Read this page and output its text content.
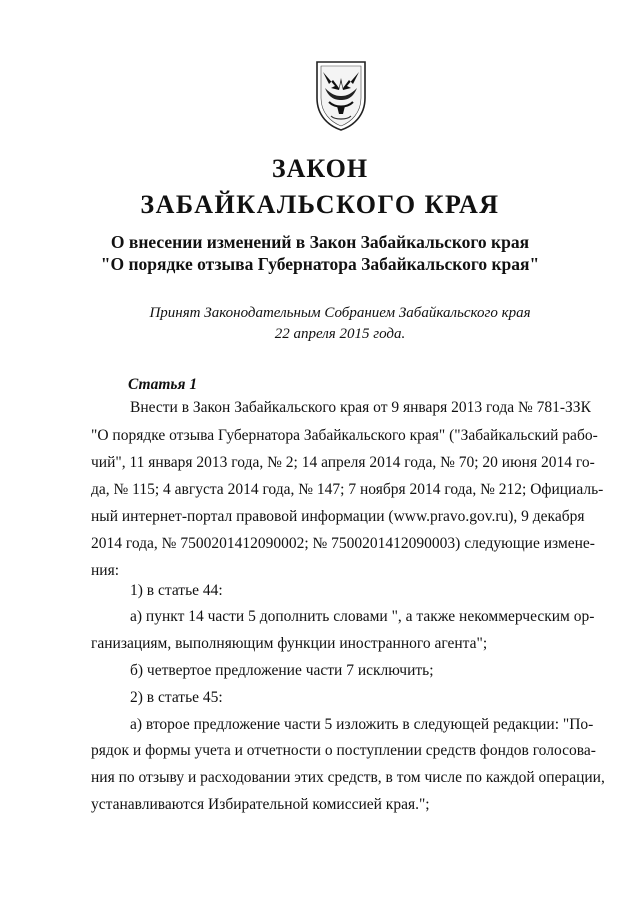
ЗАКОН
ЗАБАЙКАЛЬСКОГО КРАЯ
О внесении изменений в Закон Забайкальского края
"О порядке отзыва Губернатора Забайкальского края"
Принят Законодательным Собранием Забайкальского края
22 апреля 2015 года.
Статья 1
Внести в Закон Забайкальского края от 9 января 2013 года № 781-ЗЗК
"О порядке отзыва Губернатора Забайкальского края" ("Забайкальский рабо-
чий", 11 января 2013 года, № 2; 14 апреля 2014 года, № 70; 20 июня 2014 го-
да, № 115; 4 августа 2014 года, № 147; 7 ноября 2014 года, № 212; Официаль-
ный интернет-портал правовой информации (www.pravo.gov.ru), 9 декабря
2014 года, № 7500201412090002; № 7500201412090003) следующие измене-
ния:
1) в статье 44:
а) пункт 14 части 5 дополнить словами ", а также некоммерческим ор-
ганизациям, выполняющим функции иностранного агента";
б) четвертое предложение части 7 исключить;
2) в статье 45:
а) второе предложение части 5 изложить в следующей редакции: "По-
рядок и формы учета и отчетности о поступлении средств фондов голосова-
ния по отзыву и расходовании этих средств, в том числе по каждой операции,
устанавливаются Избирательной комиссией края.";
